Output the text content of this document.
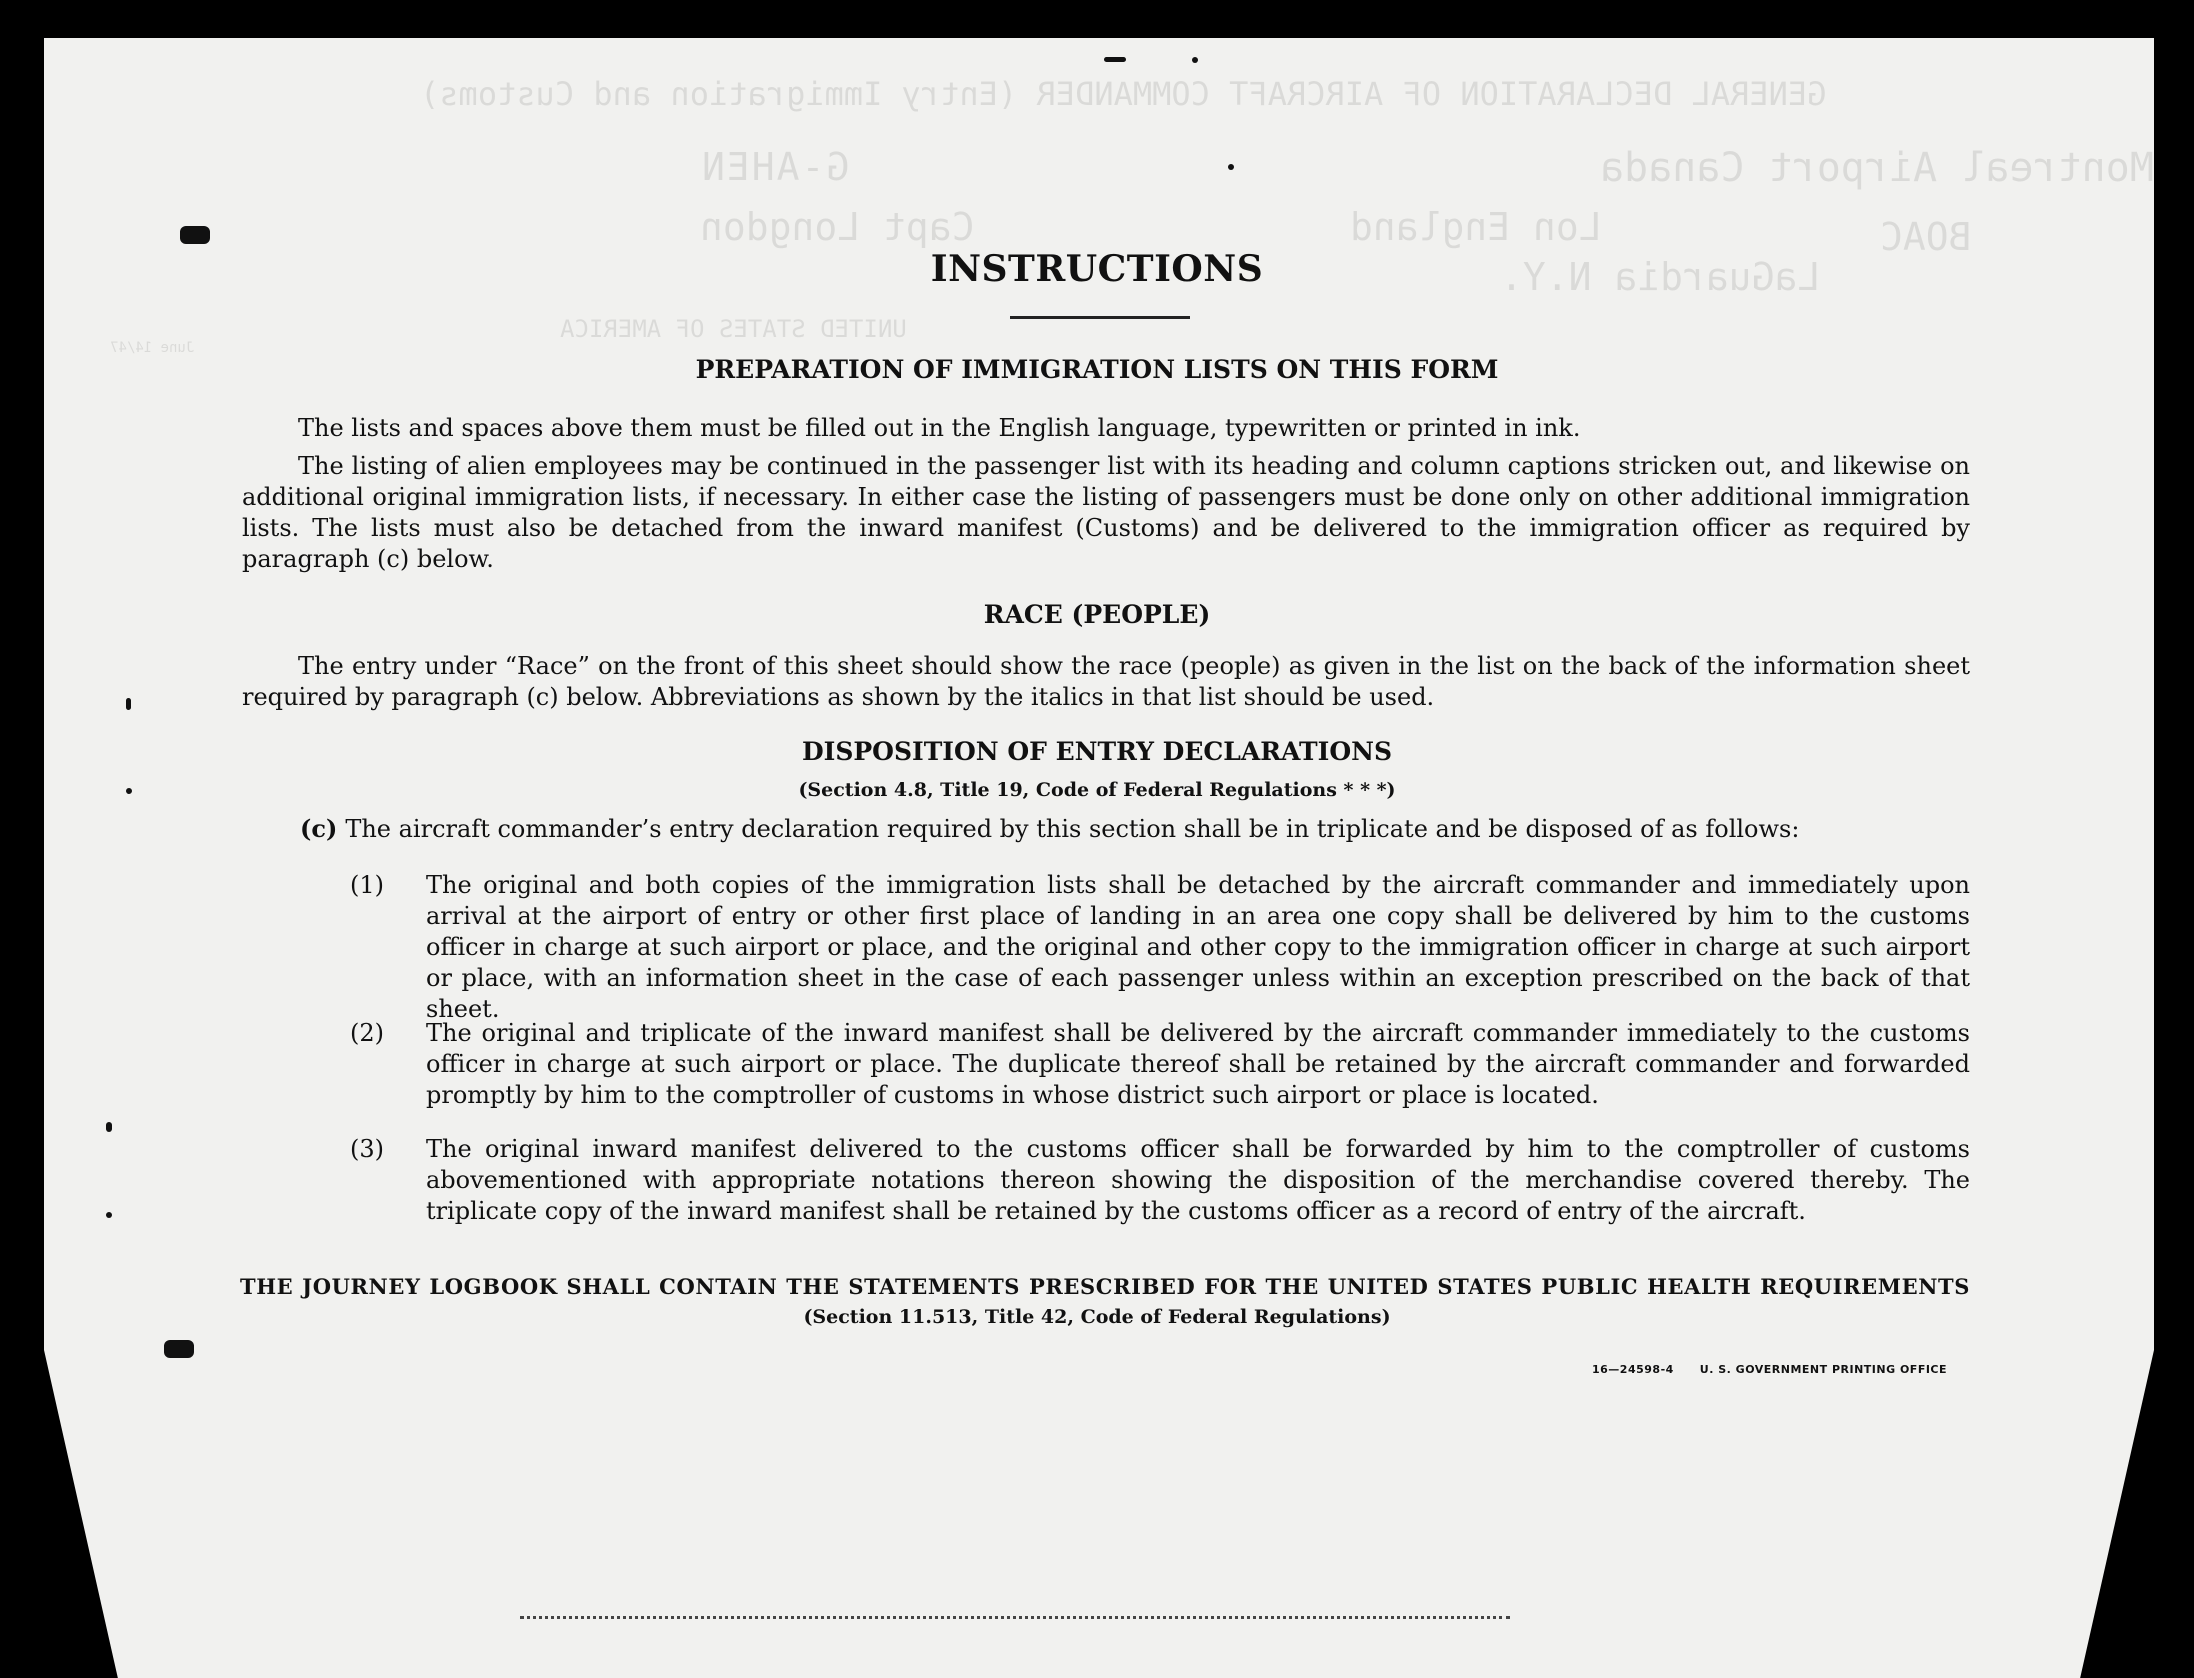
GENERAL DECLARATION OF AIRCRAFT COMMANDER (Entry Immigration and Customs)
G-AHEN	Montreal Airport Canada
Capt Longdon	Lon England	BOAC
LaGuardia N.Y.
UNITED STATES OF AMERICA
June 14/47
INSTRUCTIONS
PREPARATION OF IMMIGRATION LISTS ON THIS FORM
The lists and spaces above them must be filled out in the English language, typewritten or printed in ink.
The listing of alien employees may be continued in the passenger list with its heading and column captions stricken out, and likewise on additional original immigration lists, if necessary. In either case the listing of passengers must be done only on other additional immigration lists. The lists must also be detached from the inward manifest (Customs) and be delivered to the immigration officer as required by paragraph (c) below.
RACE (PEOPLE)
The entry under “Race” on the front of this sheet should show the race (people) as given in the list on the back of the information sheet required by paragraph (c) below. Abbreviations as shown by the italics in that list should be used.
DISPOSITION OF ENTRY DECLARATIONS
(Section 4.8, Title 19, Code of Federal Regulations * * *)
(c) The aircraft commander’s entry declaration required by this section shall be in triplicate and be disposed of as follows:
(1) The original and both copies of the immigration lists shall be detached by the aircraft commander and immediately upon arrival at the airport of entry or other first place of landing in an area one copy shall be delivered by him to the customs officer in charge at such airport or place, and the original and other copy to the immigration officer in charge at such airport or place, with an information sheet in the case of each passenger unless within an exception prescribed on the back of that sheet.
(2) The original and triplicate of the inward manifest shall be delivered by the aircraft commander immediately to the customs officer in charge at such airport or place. The duplicate thereof shall be retained by the aircraft commander and forwarded promptly by him to the comptroller of customs in whose district such airport or place is located.
(3) The original inward manifest delivered to the customs officer shall be forwarded by him to the comptroller of customs abovementioned with appropriate notations thereon showing the disposition of the merchandise covered thereby. The triplicate copy of the inward manifest shall be retained by the customs officer as a record of entry of the aircraft.
THE JOURNEY LOGBOOK SHALL CONTAIN THE STATEMENTS PRESCRIBED FOR THE UNITED STATES PUBLIC HEALTH REQUIREMENTS
(Section 11.513, Title 42, Code of Federal Regulations)
16—24598-4 U. S. GOVERNMENT PRINTING OFFICE
